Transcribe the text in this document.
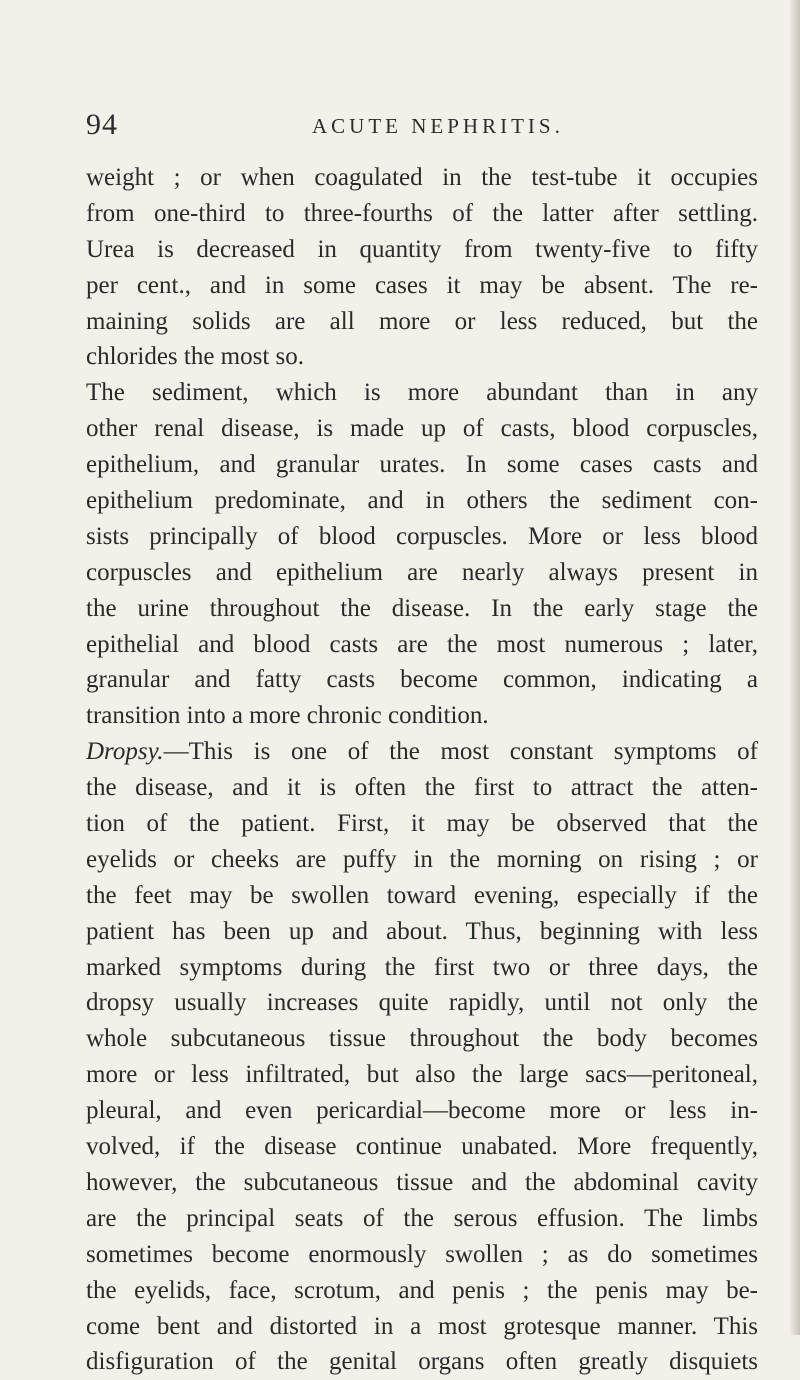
94	ACUTE NEPHRITIS.
weight ; or when coagulated in the test-tube it occupies
from one-third to three-fourths of the latter after settling.
Urea is decreased in quantity from twenty-five to fifty
per cent., and in some cases it may be absent. The re-
maining solids are all more or less reduced, but the
chlorides the most so.
The sediment, which is more abundant than in any
other renal disease, is made up of casts, blood corpuscles,
epithelium, and granular urates. In some cases casts and
epithelium predominate, and in others the sediment con-
sists principally of blood corpuscles. More or less blood
corpuscles and epithelium are nearly always present in
the urine throughout the disease. In the early stage the
epithelial and blood casts are the most numerous ; later,
granular and fatty casts become common, indicating a
transition into a more chronic condition.
Dropsy.—This is one of the most constant symptoms of
the disease, and it is often the first to attract the atten-
tion of the patient. First, it may be observed that the
eyelids or cheeks are puffy in the morning on rising ; or
the feet may be swollen toward evening, especially if the
patient has been up and about. Thus, beginning with less
marked symptoms during the first two or three days, the
dropsy usually increases quite rapidly, until not only the
whole subcutaneous tissue throughout the body becomes
more or less infiltrated, but also the large sacs—peritoneal,
pleural, and even pericardial—become more or less in-
volved, if the disease continue unabated. More frequently,
however, the subcutaneous tissue and the abdominal cavity
are the principal seats of the serous effusion. The limbs
sometimes become enormously swollen ; as do sometimes
the eyelids, face, scrotum, and penis ; the penis may be-
come bent and distorted in a most grotesque manner. This
disfiguration of the genital organs often greatly disquiets
